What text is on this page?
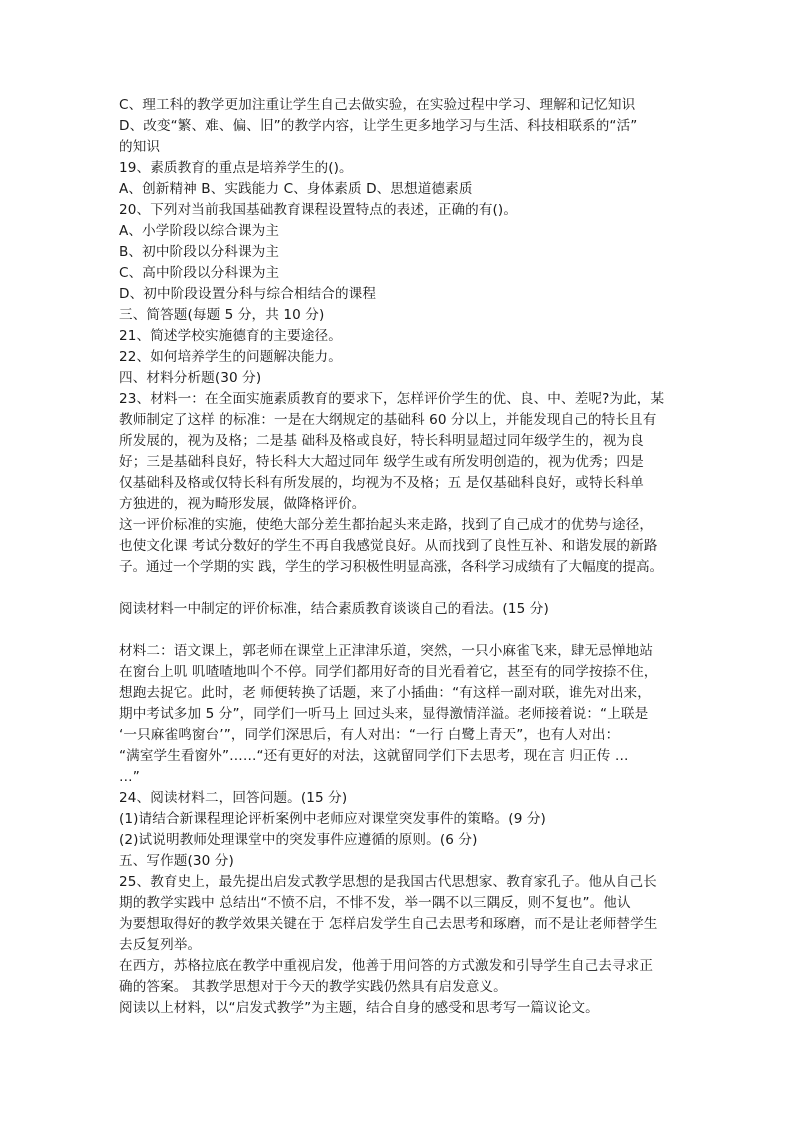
C、理工科的教学更加注重让学生自己去做实验，在实验过程中学习、理解和记忆知识
D、改变“繁、难、偏、旧”的教学内容，让学生更多地学习与生活、科技相联系的“活”
的知识
19、素质教育的重点是培养学生的()。
A、创新精神 B、实践能力 C、身体素质 D、思想道德素质
20、下列对当前我国基础教育课程设置特点的表述，正确的有()。
A、小学阶段以综合课为主
B、初中阶段以分科课为主
C、高中阶段以分科课为主
D、初中阶段设置分科与综合相结合的课程
三、简答题(每题 5 分，共 10 分)
21、简述学校实施德育的主要途径。
22、如何培养学生的问题解决能力。
四、材料分析题(30 分)
23、材料一：在全面实施素质教育的要求下，怎样评价学生的优、良、中、差呢?为此，某
教师制定了这样 的标准：一是在大纲规定的基础科 60 分以上，并能发现自己的特长且有
所发展的，视为及格；二是基 础科及格或良好，特长科明显超过同年级学生的，视为良
好；三是基础科良好，特长科大大超过同年 级学生或有所发明创造的，视为优秀；四是
仅基础科及格或仅特长科有所发展的，均视为不及格；五 是仅基础科良好，或特长科单
方独进的，视为畸形发展，做降格评价。
这一评价标准的实施，使绝大部分差生都抬起头来走路，找到了自己成才的优势与途径，
也使文化课 考试分数好的学生不再自我感觉良好。从而找到了良性互补、和谐发展的新路
子。通过一个学期的实 践，学生的学习积极性明显高涨，各科学习成绩有了大幅度的提高。
阅读材料一中制定的评价标准，结合素质教育谈谈自己的看法。(15 分)
材料二：语文课上，郭老师在课堂上正津津乐道，突然，一只小麻雀飞来，肆无忌惮地站
在窗台上叽 叽喳喳地叫个不停。同学们都用好奇的目光看着它，甚至有的同学按捺不住，
想跑去捉它。此时，老 师便转换了话题，来了小插曲：“有这样一副对联，谁先对出来，
期中考试多加 5 分”，同学们一听马上 回过头来，显得激情洋溢。老师接着说：“上联是
‘一只麻雀鸣窗台’”，同学们深思后，有人对出：“一行 白鹭上青天”，也有人对出：
“满室学生看窗外”……“还有更好的对法，这就留同学们下去思考，现在言 归正传 …
…”
24、阅读材料二，回答问题。(15 分)
(1)请结合新课程理论评析案例中老师应对课堂突发事件的策略。(9 分)
(2)试说明教师处理课堂中的突发事件应遵循的原则。(6 分)
五、写作题(30 分)
25、教育史上，最先提出启发式教学思想的是我国古代思想家、教育家孔子。他从自己长
期的教学实践中 总结出“不愤不启，不悱不发，举一隅不以三隅反，则不复也”。他认
为要想取得好的教学效果关键在于 怎样启发学生自己去思考和琢磨，而不是让老师替学生
去反复列举。
在西方，苏格拉底在教学中重视启发，他善于用问答的方式激发和引导学生自己去寻求正
确的答案。 其教学思想对于今天的教学实践仍然具有启发意义。
阅读以上材料，以“启发式教学”为主题，结合自身的感受和思考写一篇议论文。
